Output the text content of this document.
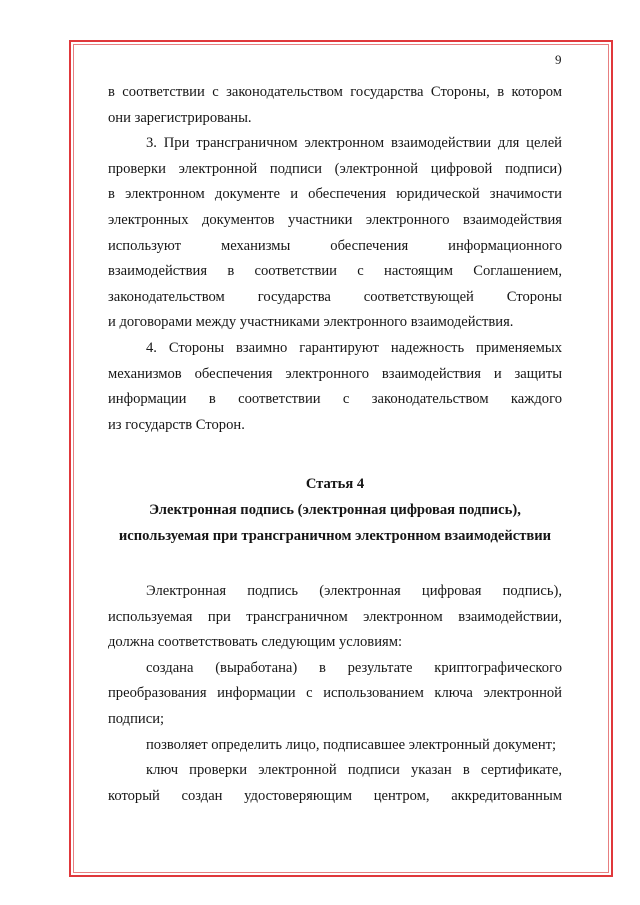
9
в соответствии с законодательством государства Стороны, в котором
они зарегистрированы.
3. При трансграничном электронном взаимодействии для целей
проверки электронной подписи (электронной цифровой подписи)
в электронном документе и обеспечения юридической значимости
электронных документов участники электронного взаимодействия
используют механизмы обеспечения информационного
взаимодействия в соответствии с настоящим Соглашением,
законодательством государства соответствующей Стороны
и договорами между участниками электронного взаимодействия.
4. Стороны взаимно гарантируют надежность применяемых
механизмов обеспечения электронного взаимодействия и защиты
информации в соответствии с законодательством каждого
из государств Сторон.
Статья 4
Электронная подпись (электронная цифровая подпись),
используемая при трансграничном электронном взаимодействии
Электронная подпись (электронная цифровая подпись),
используемая при трансграничном электронном взаимодействии,
должна соответствовать следующим условиям:
создана (выработана) в результате криптографического
преобразования информации с использованием ключа электронной
подписи;
позволяет определить лицо, подписавшее электронный документ;
ключ проверки электронной подписи указан в сертификате,
который создан удостоверяющим центром, аккредитованным
